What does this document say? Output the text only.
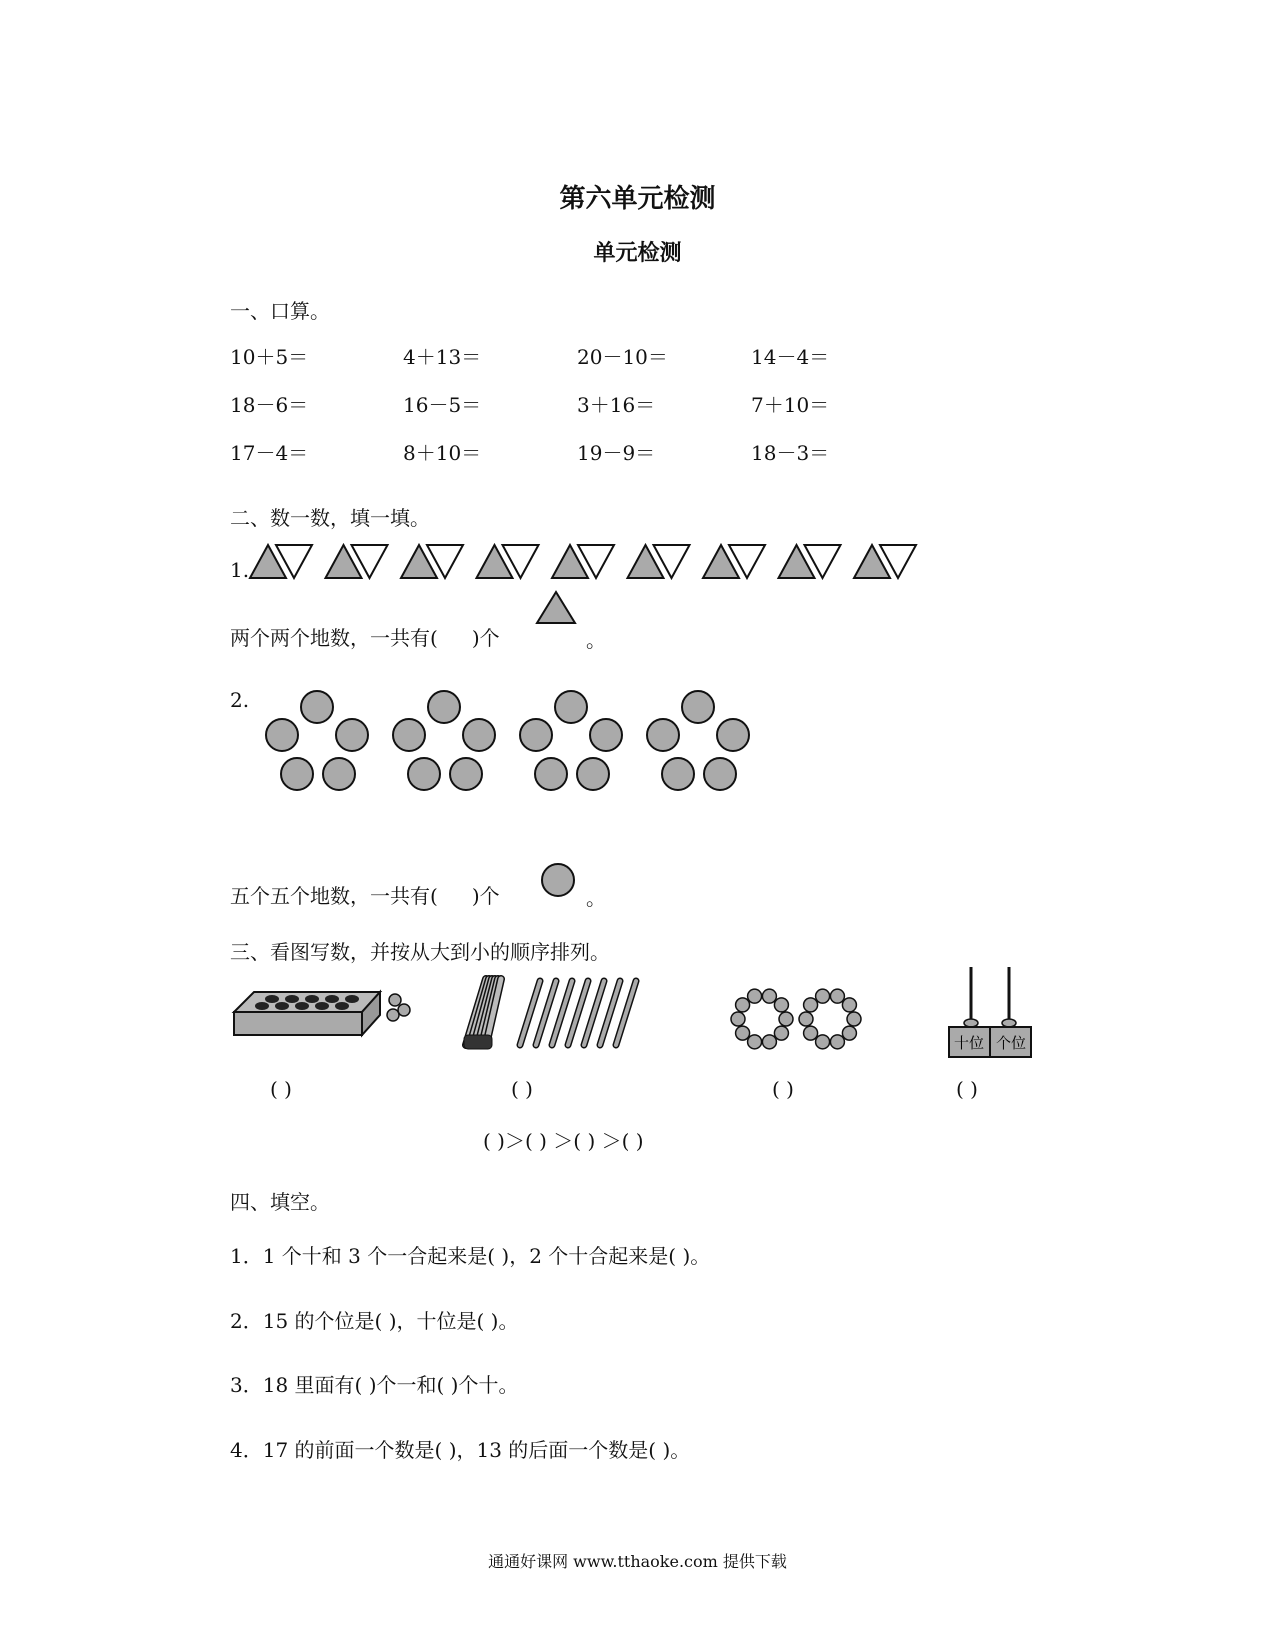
第六单元检测
单元检测
一、口算。
10＋5＝	4＋13＝	20－10＝	14－4＝
18－6＝	16－5＝	3＋16＝	7＋10＝
17－4＝	8＋10＝	19－9＝	18－3＝
二、数一数，填一填。
1.
两个两个地数，一共有( )个	。
2.
五个五个地数，一共有( )个	。
三、看图写数，并按从大到小的顺序排列。
十位 个位
( )	( )	( )	( )
( )＞( ) ＞( ) ＞( )
四、填空。
1．1 个十和 3 个一合起来是( )，2 个十合起来是( )。
2．15 的个位是( )，十位是( )。
3．18 里面有( )个一和( )个十。
4．17 的前面一个数是( )，13 的后面一个数是( )。
通通好课网 www.tthaoke.com 提供下载
